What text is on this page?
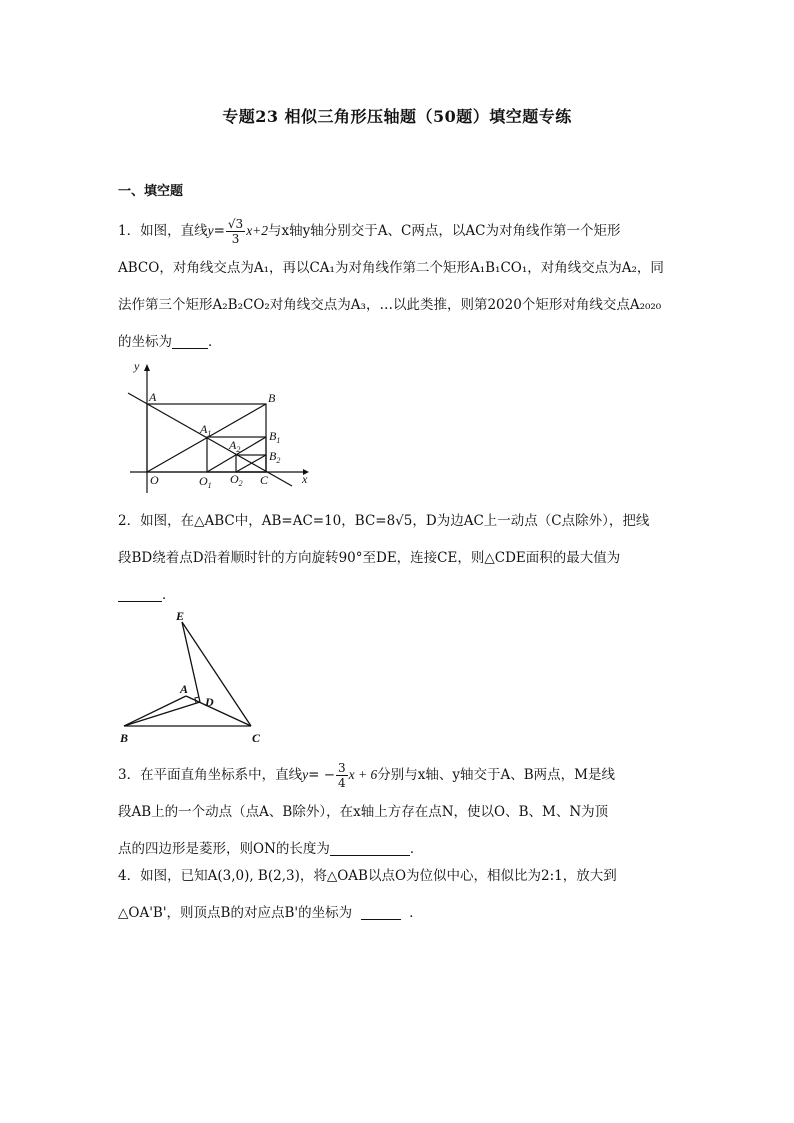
专题23 相似三角形压轴题（50题）填空题专练
一、填空题
1．如图，直线$y= \frac{√3}{3} x+2$与x轴y轴分别交于A、C两点，以AC为对角线作第一个矩形
ABCO，对角线交点为A₁，再以CA₁为对角线作第二个矩形A₁B₁CO₁，对角线交点为A₂，同
法作第三个矩形A₂B₂CO₂对角线交点为A₃，…以此类推，则第2020个矩形对角线交点A₂₀₂₀
的坐标为	．
y
x
A	B
O	C
$A_1$
$A_2$
$B_1$
$B_2$
$O_1$ $O_2$
2．如图，在△ABC中，AB=AC=10，BC=8√5，D为边AC上一动点（C点除外），把线
段BD绕着点D沿着顺时针的方向旋转90°至DE，连接CE，则△CDE面积的最大值为
．
E
A
D
B	C
3．在平面直角坐标系中，直线$y= - \frac{3}{4}$ x + 6分别与x轴、y轴交于A、B两点，M是线
段AB上的一个动点（点A、B除外），在x轴上方存在点N，使以O、B、M、N为顶
点的四边形是菱形，则ON的长度为	．
4．如图，已知A(3,0), B(2,3)，将△OAB以点O为位似中心，相似比为2:1，放大到
△OA'B'，则顶点B的对应点B'的坐标为	．
